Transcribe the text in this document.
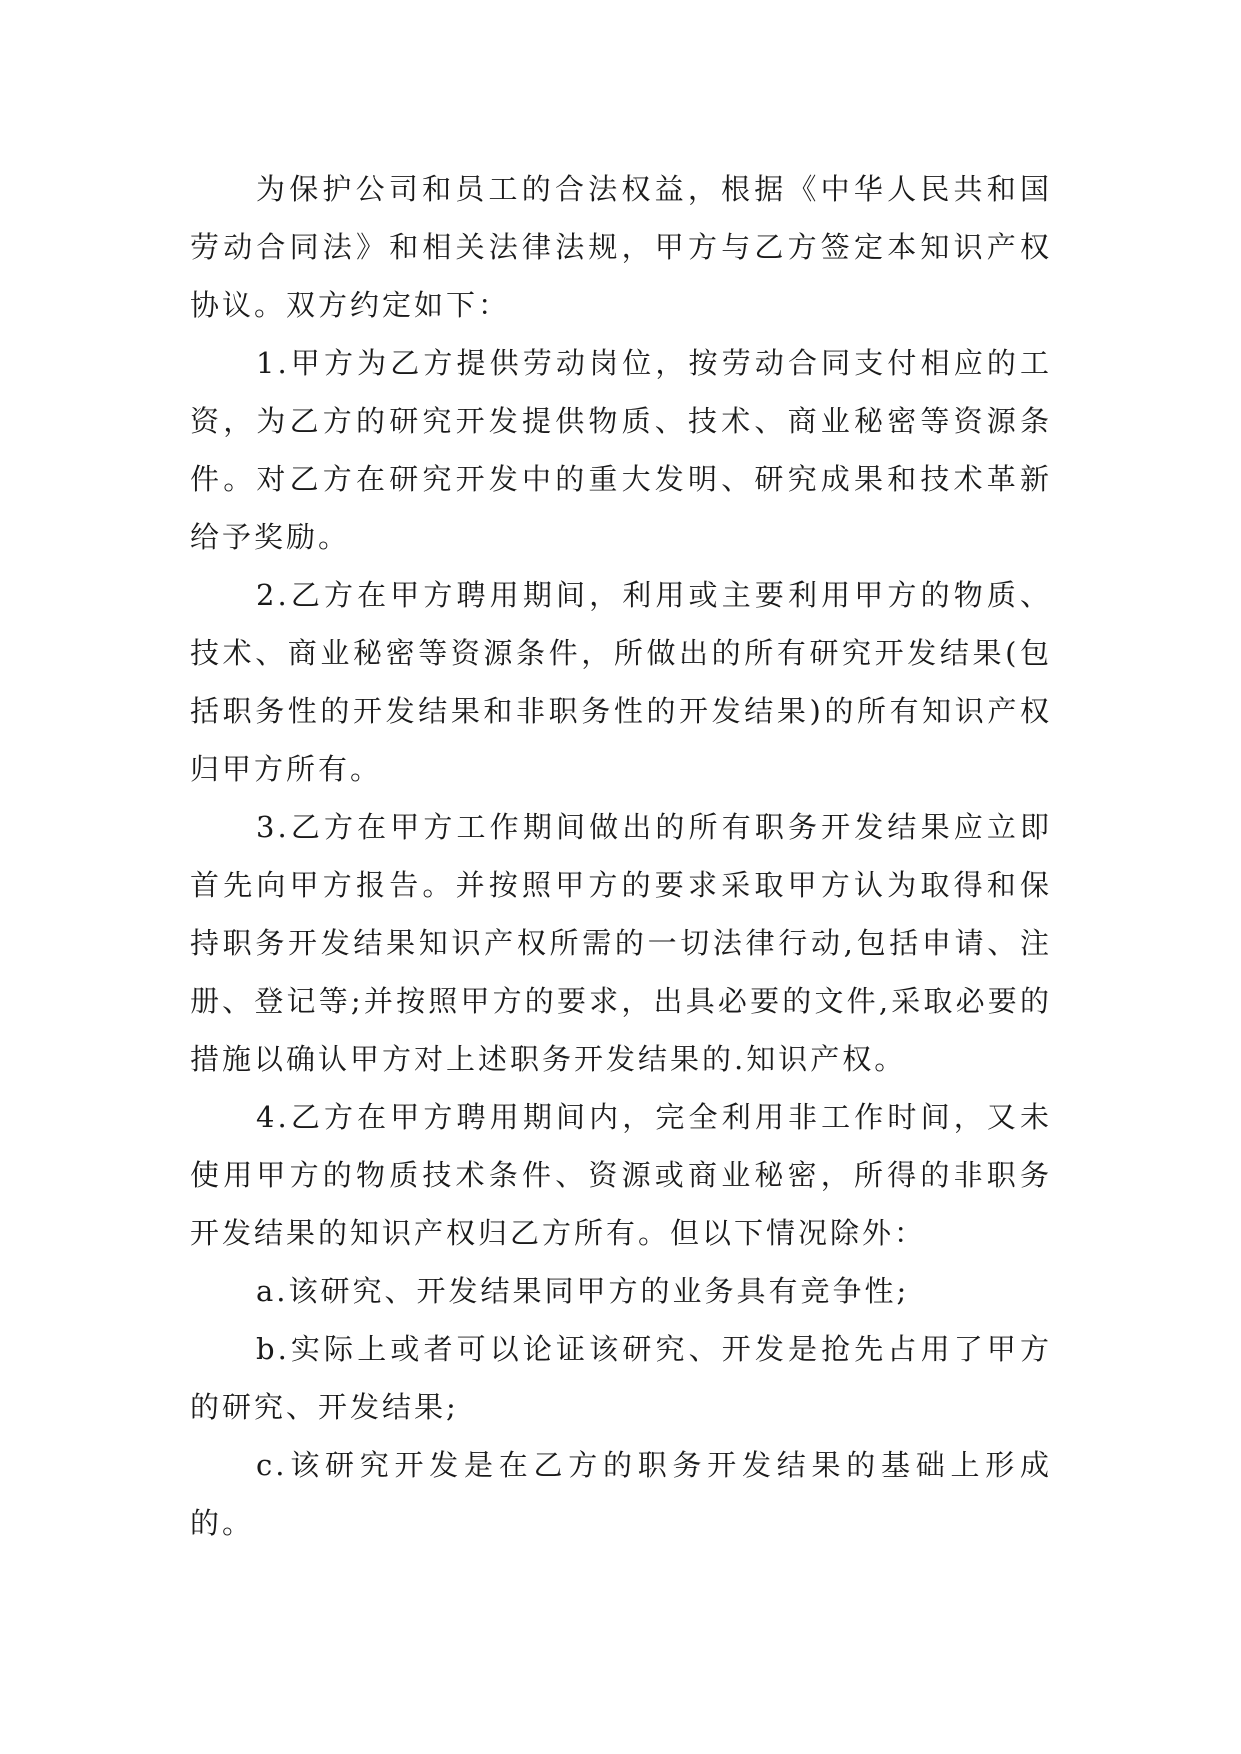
为保护公司和员工的合法权益，根据《中华人民共和国劳动合同法》和相关法律法规，甲方与乙方签定本知识产权协议。双方约定如下：

1.甲方为乙方提供劳动岗位，按劳动合同支付相应的工资，为乙方的研究开发提供物质、技术、商业秘密等资源条件。对乙方在研究开发中的重大发明、研究成果和技术革新给予奖励。

2.乙方在甲方聘用期间，利用或主要利用甲方的物质、技术、商业秘密等资源条件，所做出的所有研究开发结果(包括职务性的开发结果和非职务性的开发结果)的所有知识产权归甲方所有。

3.乙方在甲方工作期间做出的所有职务开发结果应立即首先向甲方报告。并按照甲方的要求采取甲方认为取得和保持职务开发结果知识产权所需的一切法律行动,包括申请、注册、登记等;并按照甲方的要求，出具必要的文件,采取必要的措施以确认甲方对上述职务开发结果的.知识产权。

4.乙方在甲方聘用期间内，完全利用非工作时间，又未使用甲方的物质技术条件、资源或商业秘密，所得的非职务开发结果的知识产权归乙方所有。但以下情况除外：

a.该研究、开发结果同甲方的业务具有竞争性;

b.实际上或者可以论证该研究、开发是抢先占用了甲方的研究、开发结果;

c.该研究开发是在乙方的职务开发结果的基础上形成的。
